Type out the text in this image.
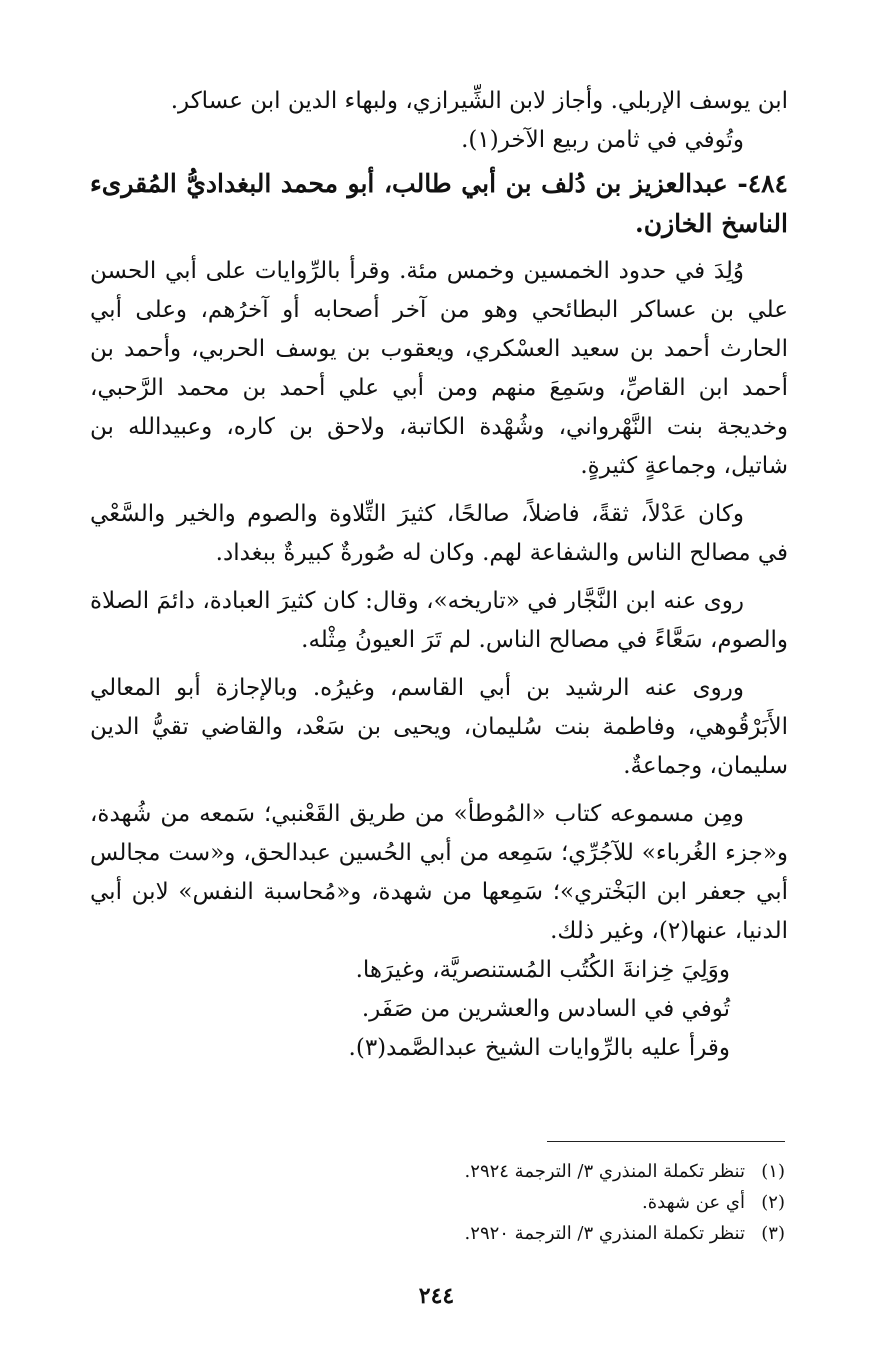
ابن يوسف الإربلي. وأجاز لابن الشِّيرازي، ولبهاء الدين ابن عساكر.

وتُوفي في ثامن ربيع الآخر(١).

٤٨٤- عبدالعزيز بن دُلف بن أبي طالب، أبو محمد البغداديُّ المُقرىء الناسخ الخازن.

وُلِدَ في حدود الخمسين وخمس مئة. وقرأ بالرِّوايات على أبي الحسن علي بن عساكر البطائحي وهو من آخر أصحابه أو آخرُهم، وعلى أبي الحارث أحمد بن سعيد العسْكري، ويعقوب بن يوسف الحربي، وأحمد بن أحمد ابن القاصِّ، وسَمِعَ منهم ومن أبي علي أحمد بن محمد الرَّحبي، وخديجة بنت النَّهْرواني، وشُهْدة الكاتبة، ولاحق بن كاره، وعبيدالله بن شاتيل، وجماعةٍ كثيرةٍ.

وكان عَدْلاً، ثقةً، فاضلاً، صالحًا، كثيرَ التِّلاوة والصوم والخير والسَّعْي في مصالح الناس والشفاعة لهم. وكان له صُورةٌ كبيرةٌ ببغداد.

روى عنه ابن النَّجَّار في «تاريخه»، وقال: كان كثيرَ العبادة، دائمَ الصلاة والصوم، سَعَّاءً في مصالح الناس. لم تَرَ العيونُ مِثْله.

وروى عنه الرشيد بن أبي القاسم، وغيرُه. وبالإجازة أبو المعالي الأَبَرْقُوهي، وفاطمة بنت سُليمان، ويحيى بن سَعْد، والقاضي تقيُّ الدين سليمان، وجماعةٌ.

ومِن مسموعه كتاب «المُوطأ» من طريق القَعْنبي؛ سَمعه من شُهدة، و«جزء الغُرباء» للآجُرِّي؛ سَمِعه من أبي الحُسين عبدالحق، و«ست مجالس أبي جعفر ابن البَخْتري»؛ سَمِعها من شهدة، و«مُحاسبة النفس» لابن أبي الدنيا، عنها(٢)، وغير ذلك.

ووَلِيَ خِزانةَ الكُتُب المُستنصريَّة، وغيرَها.

تُوفي في السادس والعشرين من صَفَر.

وقرأ عليه بالرِّوايات الشيخ عبدالصَّمد(٣).

(١)
تنظر تكملة المنذري ٣/ الترجمة ٢٩٢٤.
(٢)
أي عن شهدة.
(٣)
تنظر تكملة المنذري ٣/ الترجمة ٢٩٢٠.
٢٤٤
